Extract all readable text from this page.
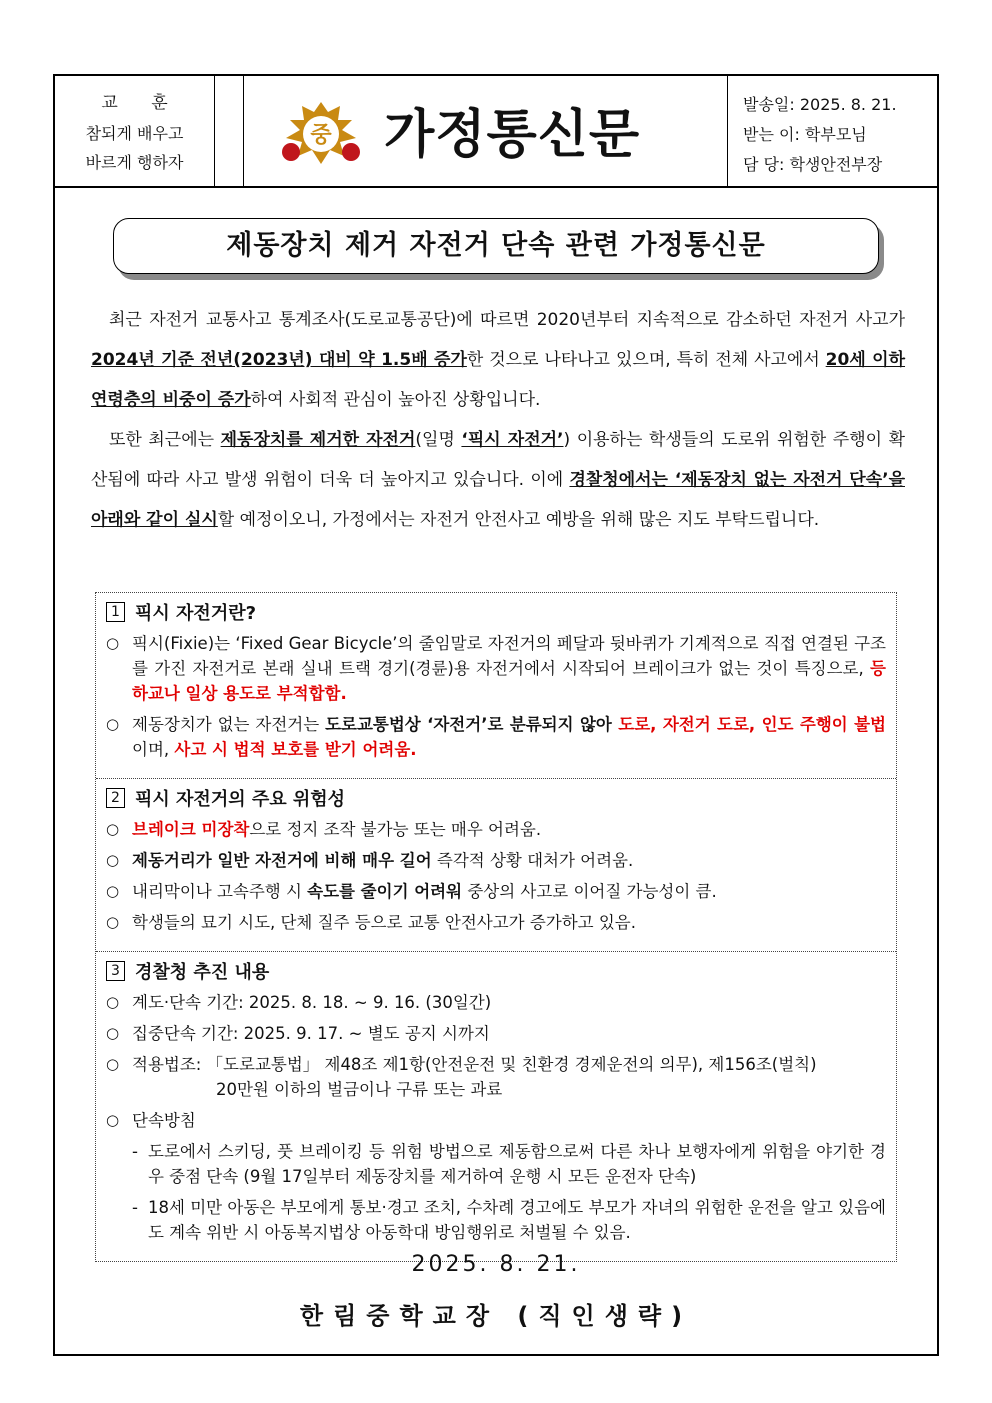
교 훈
참되게 배우고
바르게 행하자
중 가정통신문
발송일: 2025. 8. 21.
받는 이: 학부모님
담 당: 학생안전부장
제동장치 제거 자전거 단속 관련 가정통신문

최근 자전거 교통사고 통계조사(도로교통공단)에 따르면 2020년부터 지속적으로 감소하던 자전거 사고가 2024년 기준 전년(2023년) 대비 약 1.5배 증가한 것으로 나타나고 있으며, 특히 전체 사고에서 20세 이하 연령층의 비중이 증가하여 사회적 관심이 높아진 상황입니다.

또한 최근에는 제동장치를 제거한 자전거(일명 ‘픽시 자전거’) 이용하는 학생들의 도로위 위험한 주행이 확산됨에 따라 사고 발생 위험이 더욱 더 높아지고 있습니다. 이에 경찰청에서는 ‘제동장치 없는 자전거 단속’을 아래와 같이 실시할 예정이오니, 가정에서는 자전거 안전사고 예방을 위해 많은 지도 부탁드립니다.

1 픽시 자전거란?
○ 픽시(Fixie)는 ‘Fixed Gear Bicycle’의 줄임말로 자전거의 페달과 뒷바퀴가 기계적으로 직접 연결된 구조를 가진 자전거로 본래 실내 트랙 경기(경륜)용 자전거에서 시작되어 브레이크가 없는 것이 특징으로, 등하교나 일상 용도로 부적합함.
○ 제동장치가 없는 자전거는 도로교통법상 ‘자전거’로 분류되지 않아 도로, 자전거 도로, 인도 주행이 불법이며, 사고 시 법적 보호를 받기 어려움.
2 픽시 자전거의 주요 위험성
○ 브레이크 미장착으로 정지 조작 불가능 또는 매우 어려움.
○ 제동거리가 일반 자전거에 비해 매우 길어 즉각적 상황 대처가 어려움.
○ 내리막이나 고속주행 시 속도를 줄이기 어려워 중상의 사고로 이어질 가능성이 큼.
○ 학생들의 묘기 시도, 단체 질주 등으로 교통 안전사고가 증가하고 있음.
3 경찰청 추진 내용
○ 계도·단속 기간: 2025. 8. 18. ~ 9. 16. (30일간)
○ 집중단속 기간: 2025. 9. 17. ~ 별도 공지 시까지
○ 적용법조: 「도로교통법」 제48조 제1항(안전운전 및 친환경 경제운전의 의무), 제156조(벌칙)
20만원 이하의 벌금이나 구류 또는 과료
○ 단속방침
- 도로에서 스키딩, 풋 브레이킹 등 위험 방법으로 제동함으로써 다른 차나 보행자에게 위험을 야기한 경우 중점 단속 (9월 17일부터 제동장치를 제거하여 운행 시 모든 운전자 단속)
- 18세 미만 아동은 부모에게 통보·경고 조치, 수차례 경고에도 부모가 자녀의 위험한 운전을 알고 있음에도 계속 위반 시 아동복지법상 아동학대 방임행위로 처벌될 수 있음.
2025. 8. 21.
한림중학교장 (직인생략)
